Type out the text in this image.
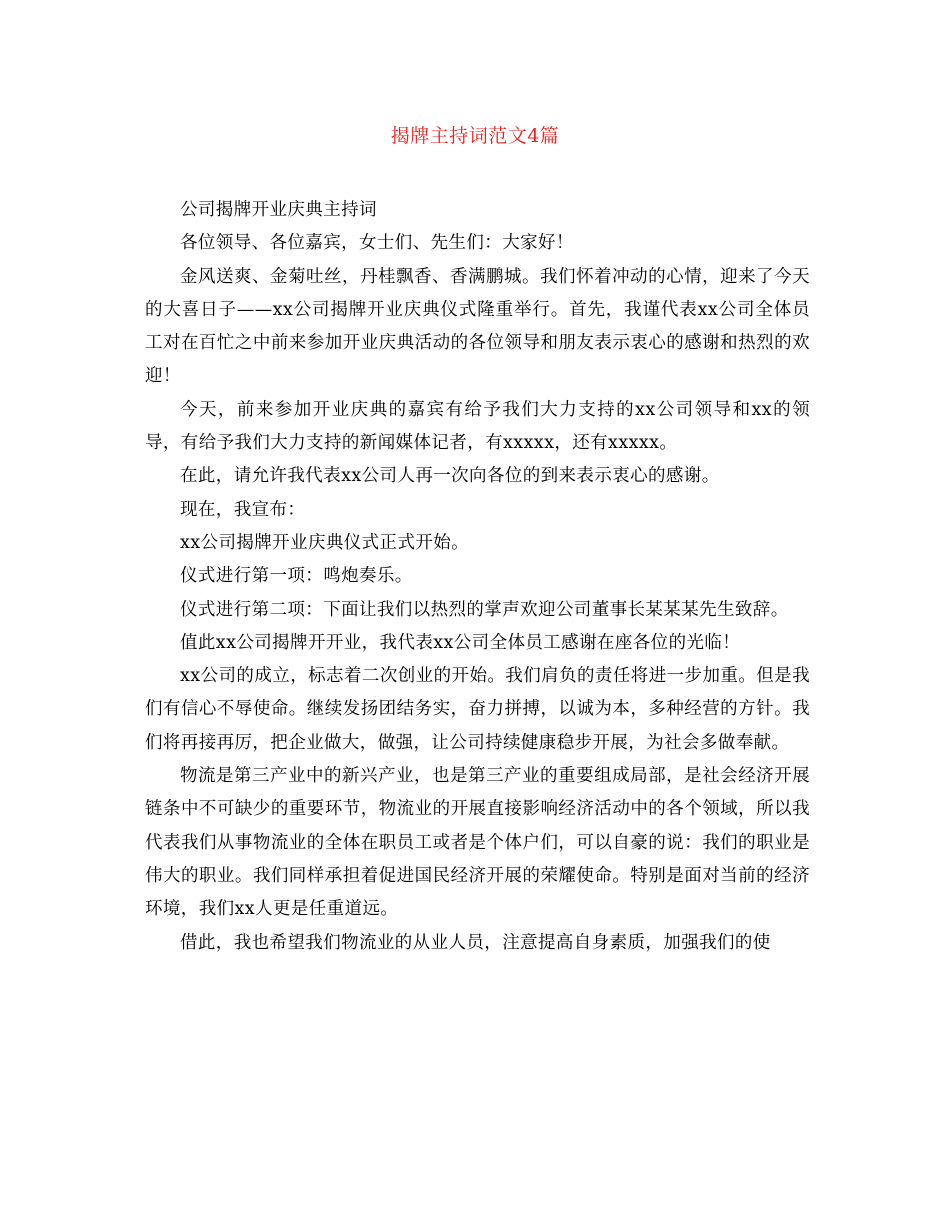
揭牌主持词范文4篇

公司揭牌开业庆典主持词

各位领导、各位嘉宾，女士们、先生们：大家好！

金风送爽、金菊吐丝，丹桂飘香、香满鹏城。我们怀着冲动的心情，迎来了今天的大喜日子——xx公司揭牌开业庆典仪式隆重举行。首先，我谨代表xx公司全体员工对在百忙之中前来参加开业庆典活动的各位领导和朋友表示衷心的感谢和热烈的欢迎！

今天，前来参加开业庆典的嘉宾有给予我们大力支持的xx公司领导和xx的领导，有给予我们大力支持的新闻媒体记者，有xxxxx，还有xxxxx。

在此，请允许我代表xx公司人再一次向各位的到来表示衷心的感谢。

现在，我宣布：

xx公司揭牌开业庆典仪式正式开始。

仪式进行第一项：鸣炮奏乐。

仪式进行第二项：下面让我们以热烈的掌声欢迎公司董事长某某某先生致辞。

值此xx公司揭牌开开业，我代表xx公司全体员工感谢在座各位的光临！

xx公司的成立，标志着二次创业的开始。我们肩负的责任将进一步加重。但是我们有信心不辱使命。继续发扬团结务实，奋力拼搏，以诚为本，多种经营的方针。我们将再接再厉，把企业做大，做强，让公司持续健康稳步开展，为社会多做奉献。

物流是第三产业中的新兴产业，也是第三产业的重要组成局部，是社会经济开展链条中不可缺少的重要环节，物流业的开展直接影响经济活动中的各个领域，所以我代表我们从事物流业的全体在职员工或者是个体户们，可以自豪的说：我们的职业是伟大的职业。我们同样承担着促进国民经济开展的荣耀使命。特别是面对当前的经济环境，我们xx人更是任重道远。

借此，我也希望我们物流业的从业人员，注意提高自身素质，加强我们的使
